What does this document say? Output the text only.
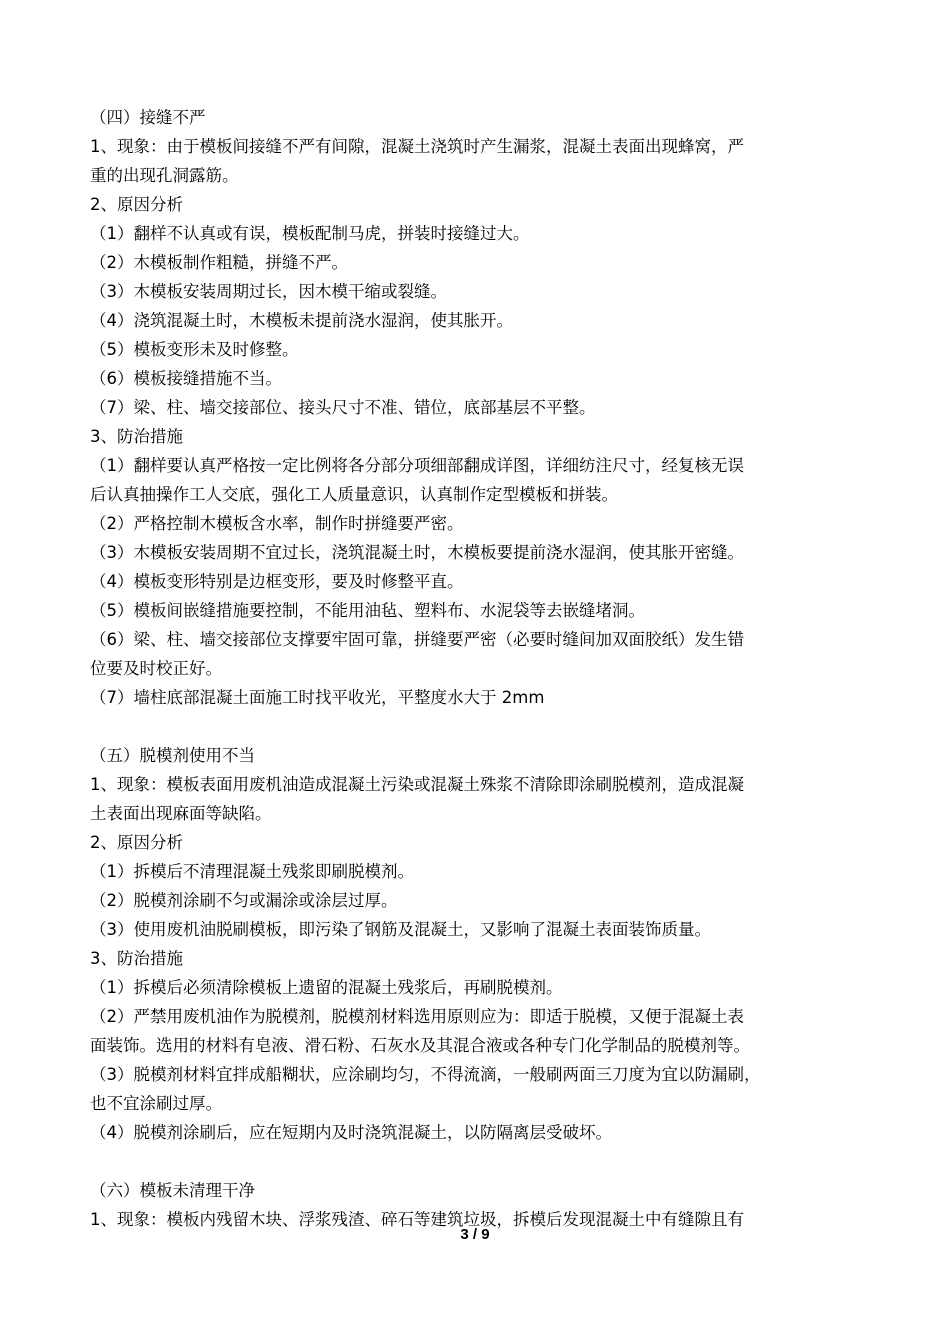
（四）接缝不严
1、现象：由于模板间接缝不严有间隙，混凝土浇筑时产生漏浆，混凝土表面出现蜂窝，严
重的出现孔洞露筋。
2、原因分析
（1）翻样不认真或有误，模板配制马虎，拼装时接缝过大。
（2）木模板制作粗糙，拼缝不严。
（3）木模板安装周期过长，因木模干缩或裂缝。
（4）浇筑混凝土时，木模板未提前浇水湿润，使其胀开。
（5）模板变形未及时修整。
（6）模板接缝措施不当。
（7）梁、柱、墙交接部位、接头尺寸不准、错位，底部基层不平整。
3、防治措施
（1）翻样要认真严格按一定比例将各分部分项细部翻成详图，详细纺注尺寸，经复核无误
后认真抽操作工人交底，强化工人质量意识，认真制作定型模板和拼装。
（2）严格控制木模板含水率，制作时拼缝要严密。
（3）木模板安装周期不宜过长，浇筑混凝土时，木模板要提前浇水湿润，使其胀开密缝。
（4）模板变形特别是边框变形，要及时修整平直。
（5）模板间嵌缝措施要控制，不能用油毡、塑料布、水泥袋等去嵌缝堵洞。
（6）梁、柱、墙交接部位支撑要牢固可靠，拼缝要严密（必要时缝间加双面胶纸）发生错
位要及时校正好。
（7）墙柱底部混凝土面施工时找平收光，平整度水大于 2mm
（五）脱模剂使用不当
1、现象：模板表面用废机油造成混凝土污染或混凝土殊浆不清除即涂刷脱模剂，造成混凝
土表面出现麻面等缺陷。
2、原因分析
（1）拆模后不清理混凝土残浆即刷脱模剂。
（2）脱模剂涂刷不匀或漏涂或涂层过厚。
（3）使用废机油脱刷模板，即污染了钢筋及混凝土，又影响了混凝土表面装饰质量。
3、防治措施
（1）拆模后必须清除模板上遗留的混凝土残浆后，再刷脱模剂。
（2）严禁用废机油作为脱模剂，脱模剂材料选用原则应为：即适于脱模，又便于混凝土表
面装饰。选用的材料有皂液、滑石粉、石灰水及其混合液或各种专门化学制品的脱模剂等。
（3）脱模剂材料宜拌成船糊状，应涂刷均匀，不得流滴，一般刷两面三刀度为宜以防漏刷，
也不宜涂刷过厚。
（4）脱模剂涂刷后，应在短期内及时浇筑混凝土，以防隔离层受破坏。
（六）模板未清理干净
1、现象：模板内残留木块、浮浆残渣、碎石等建筑垃圾，拆模后发现混凝土中有缝隙且有
3 / 9
